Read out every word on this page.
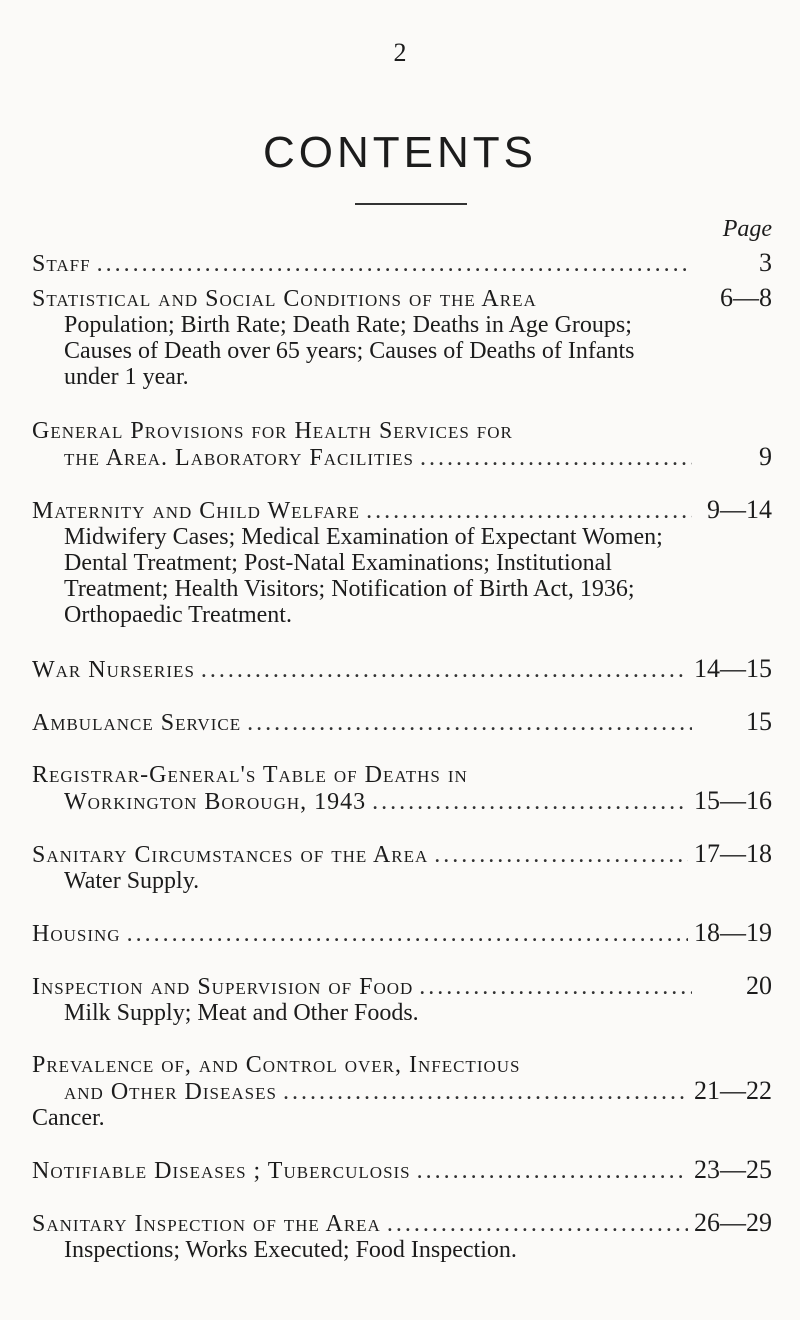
2
CONTENTS
Page
Staff .....	3
Statistical and Social Conditions of the Area	6—8
Population; Birth Rate; Death Rate; Deaths in Age Groups; Causes of Death over 65 years; Causes of Deaths of Infants under 1 year.
General Provisions for Health Services for
the Area. Laboratory Facilities .....	9
Maternity and Child Welfare .....	9—14
Midwifery Cases; Medical Examination of Expectant Women; Dental Treatment; Post-Natal Examinations; Institutional Treatment; Health Visitors; Notification of Birth Act, 1936; Orthopaedic Treatment.
War Nurseries .....	14—15
Ambulance Service .....	15
Registrar-General's Table of Deaths in
Workington Borough, 1943 .....	15—16
Sanitary Circumstances of the Area .....	17—18
Water Supply.
Housing .....	18—19
Inspection and Supervision of Food .....	20
Milk Supply; Meat and Other Foods.
Prevalence of, and Control over, Infectious
and Other Diseases .....	21—22
Cancer.
Notifiable Diseases ; Tuberculosis .....	23—25
Sanitary Inspection of the Area .....	26—29
Inspections; Works Executed; Food Inspection.
